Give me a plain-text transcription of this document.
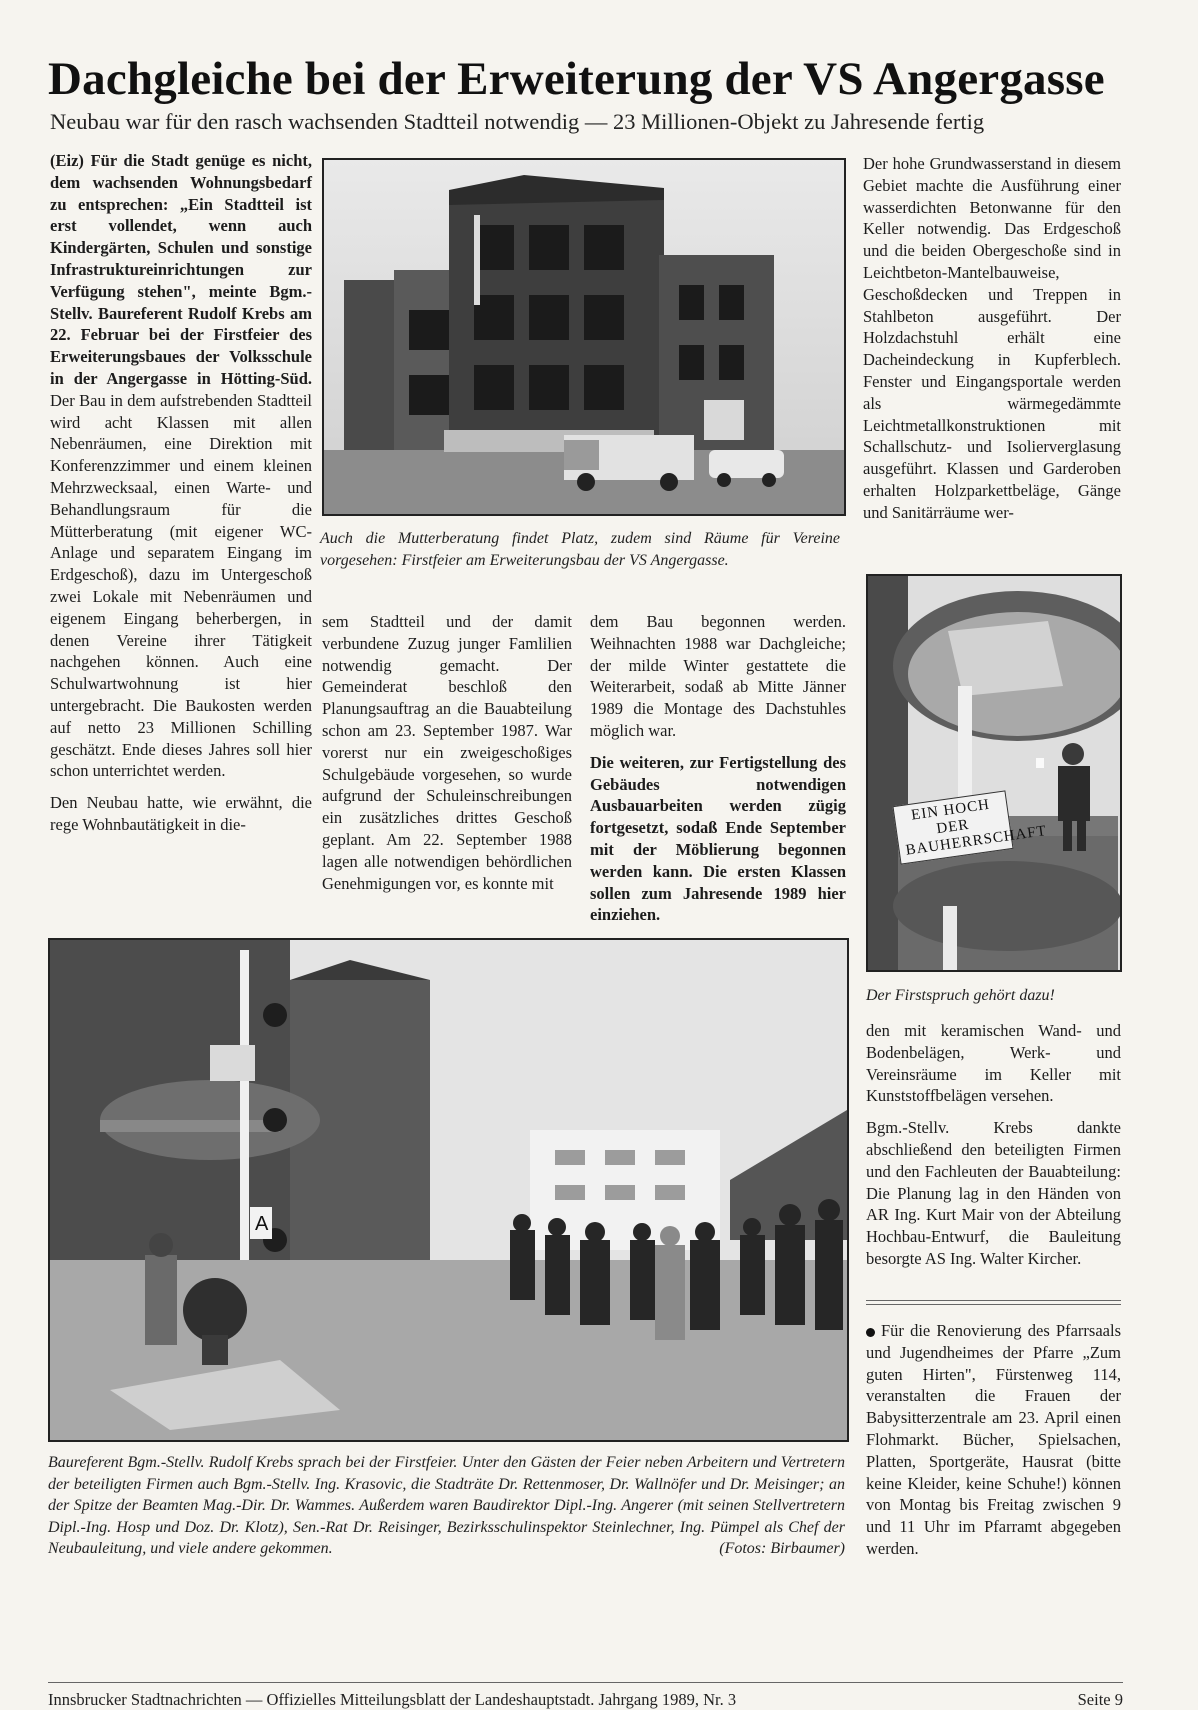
Dachgleiche bei der Erweiterung der VS Angergasse
Neubau war für den rasch wachsenden Stadtteil notwendig — 23 Millionen-Objekt zu Jahresende fertig

(Eiz) Für die Stadt genüge es nicht, dem wachsenden Wohnungsbedarf zu entsprechen: „Ein Stadtteil ist erst vollendet, wenn auch Kindergärten, Schulen und sonstige Infrastruktureinrichtungen zur Verfügung stehen", meinte Bgm.-Stellv. Baureferent Rudolf Krebs am 22. Februar bei der Firstfeier des Erweiterungsbaues der Volksschule in der Angergasse in Hötting-Süd. Der Bau in dem aufstrebenden Stadtteil wird acht Klassen mit allen Nebenräumen, eine Direktion mit Konferenzzimmer und einem kleinen Mehrzwecksaal, einen Warte- und Behandlungsraum für die Mütterberatung (mit eigener WC-Anlage und separatem Eingang im Erdgeschoß), dazu im Untergeschoß zwei Lokale mit Nebenräumen und eigenem Eingang beherbergen, in denen Vereine ihrer Tätigkeit nachgehen können. Auch eine Schulwartwohnung ist hier untergebracht. Die Baukosten werden auf netto 23 Millionen Schilling geschätzt. Ende dieses Jahres soll hier schon unterrichtet werden.

Den Neubau hatte, wie erwähnt, die rege Wohnbautätigkeit in die-

Auch die Mutterberatung findet Platz, zudem sind Räume für Vereine vorgesehen: Firstfeier am Erweiterungsbau der VS Angergasse.

sem Stadtteil und der damit verbundene Zuzug junger Famlilien notwendig gemacht. Der Gemeinderat beschloß den Planungsauftrag an die Bauabteilung schon am 23. September 1987. War vorerst nur ein zweigeschoßiges Schulgebäude vorgesehen, so wurde aufgrund der Schuleinschreibungen ein zusätzliches drittes Geschoß geplant. Am 22. September 1988 lagen alle notwendigen behördlichen Genehmigungen vor, es konnte mit

dem Bau begonnen werden. Weihnachten 1988 war Dachgleiche; der milde Winter gestattete die Weiterarbeit, sodaß ab Mitte Jänner 1989 die Montage des Dachstuhles möglich war.

Die weiteren, zur Fertigstellung des Gebäudes notwendigen Ausbauarbeiten werden zügig fortgesetzt, sodaß Ende September mit der Möblierung begonnen werden kann. Die ersten Klassen sollen zum Jahresende 1989 hier einziehen.

Der hohe Grundwasserstand in diesem Gebiet machte die Ausführung einer wasserdichten Betonwanne für den Keller notwendig. Das Erdgeschoß und die beiden Obergeschoße sind in Leichtbeton-Mantelbauweise, Geschoßdecken und Treppen in Stahlbeton ausgeführt. Der Holzdachstuhl erhält eine Dacheindeckung in Kupferblech. Fenster und Eingangsportale werden als wärmegedämmte Leichtmetallkonstruktionen mit Schallschutz- und Isolierverglasung ausgeführt. Klassen und Garderoben erhalten Holzparkettbeläge, Gänge und Sanitärräume wer-

EIN HOCH DER BAUHERRSCHAFT
Der Firstspruch gehört dazu!

den mit keramischen Wand- und Bodenbelägen, Werk- und Vereinsräume im Keller mit Kunststoffbelägen versehen.

Bgm.-Stellv. Krebs dankte abschließend den beteiligten Firmen und den Fachleuten der Bauabteilung: Die Planung lag in den Händen von AR Ing. Kurt Mair von der Abteilung Hochbau-Entwurf, die Bauleitung besorgte AS Ing. Walter Kircher.

Für die Renovierung des Pfarrsaals und Jugendheimes der Pfarre „Zum guten Hirten", Fürstenweg 114, veranstalten die Frauen der Babysitterzentrale am 23. April einen Flohmarkt. Bücher, Spielsachen, Platten, Sportgeräte, Hausrat (bitte keine Kleider, keine Schuhe!) können von Montag bis Freitag zwischen 9 und 11 Uhr im Pfarramt abgegeben werden.

A
Baureferent Bgm.-Stellv. Rudolf Krebs sprach bei der Firstfeier. Unter den Gästen der Feier neben Arbeitern und Vertretern der beteiligten Firmen auch Bgm.-Stellv. Ing. Krasovic, die Stadträte Dr. Rettenmoser, Dr. Wallnöfer und Dr. Meisinger; an der Spitze der Beamten Mag.-Dir. Dr. Wammes. Außerdem waren Baudirektor Dipl.-Ing. Angerer (mit seinen Stellvertretern Dipl.-Ing. Hosp und Doz. Dr. Klotz), Sen.-Rat Dr. Reisinger, Bezirksschulinspektor Steinlechner, Ing. Pümpel als Chef der Neubauleitung, und viele andere gekommen.	(Fotos: Birbaumer)
Innsbrucker Stadtnachrichten — Offizielles Mitteilungsblatt der Landeshauptstadt. Jahrgang 1989, Nr. 3	Seite 9
